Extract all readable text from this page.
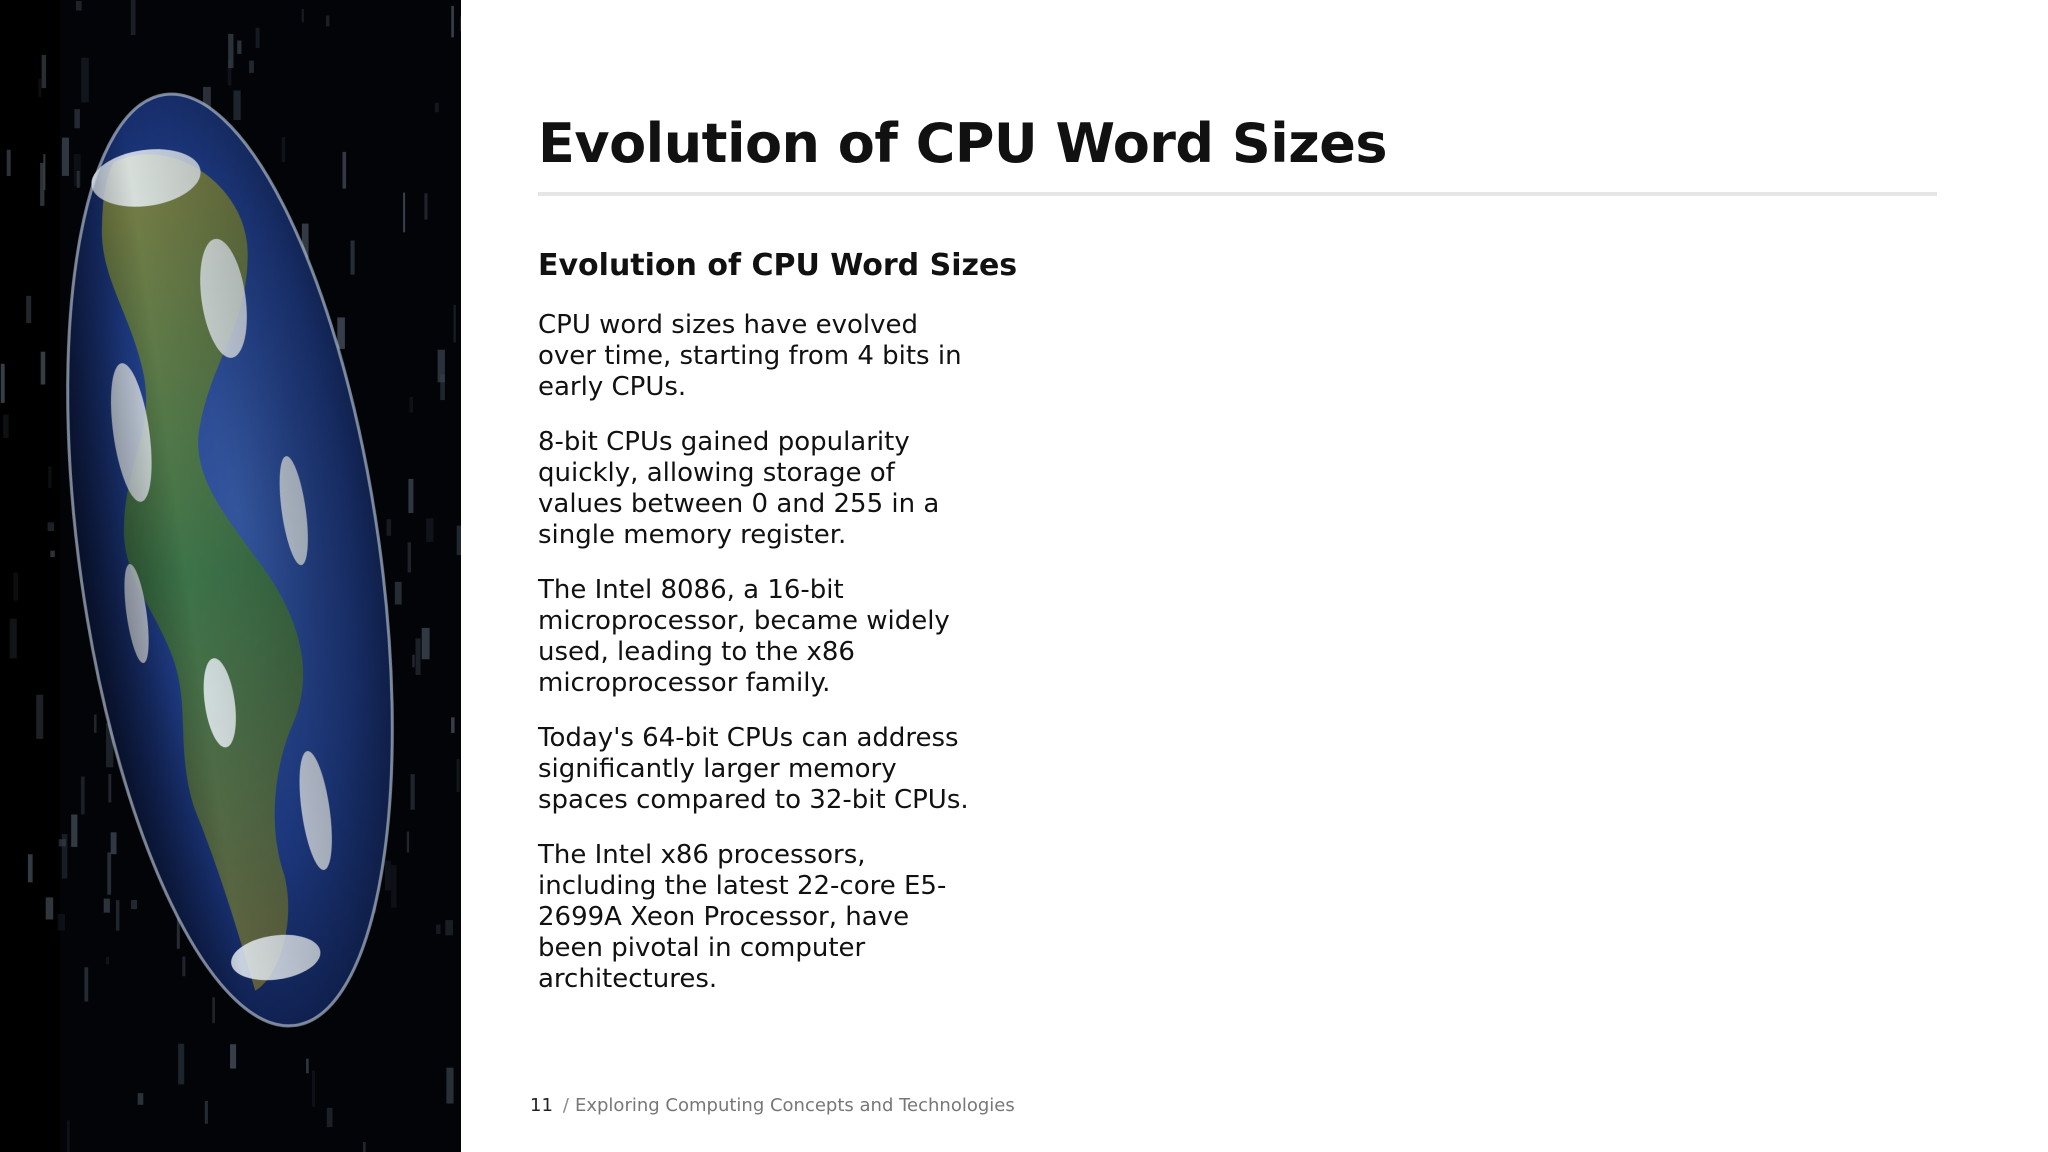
Evolution of CPU Word Sizes
Evolution of CPU Word Sizes

CPU word sizes have evolved over time, starting from 4 bits in early CPUs.

8-bit CPUs gained popularity quickly, allowing storage of values between 0 and 255 in a single memory register.

The Intel 8086, a 16-bit microprocessor, became widely used, leading to the x86 microprocessor family.

Today's 64-bit CPUs can address significantly larger memory spaces compared to 32-bit CPUs.

The Intel x86 processors, including the latest 22-core E5-2699A Xeon Processor, have been pivotal in computer architectures.

11 / Exploring Computing Concepts and Technologies
